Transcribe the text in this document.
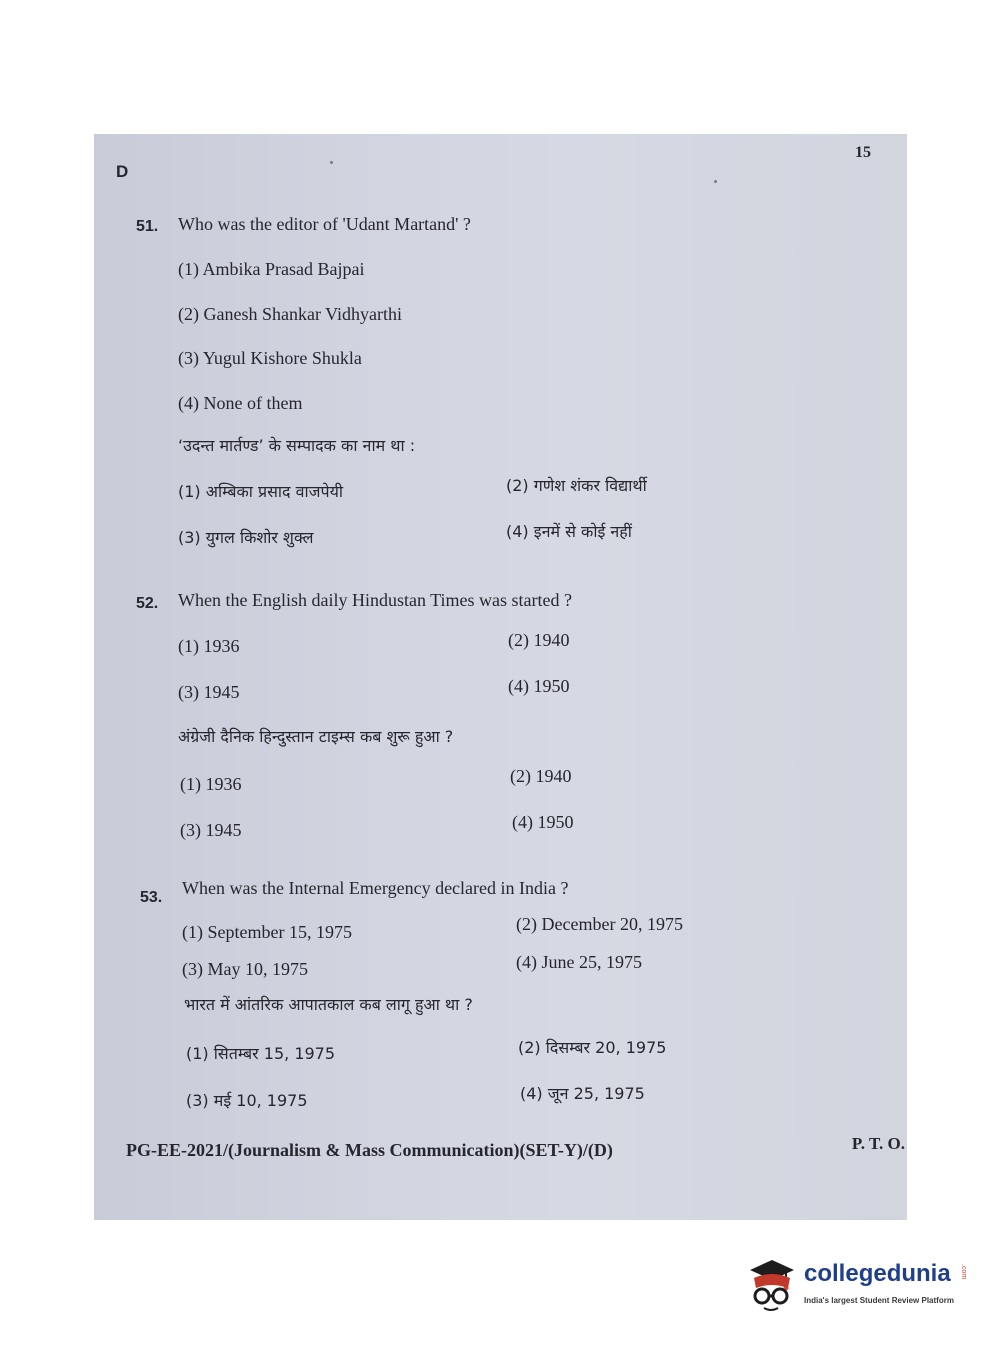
D
15
51. Who was the editor of 'Udant Martand' ?
(1) Ambika Prasad Bajpai
(2) Ganesh Shankar Vidhyarthi
(3) Yugul Kishore Shukla
(4) None of them
‘उदन्त मार्तण्ड’ के सम्पादक का नाम था :
(1) अम्बिका प्रसाद वाजपेयी	(2) गणेश शंकर विद्यार्थी
(3) युगल किशोर शुक्ल	(4) इनमें से कोई नहीं
52. When the English daily Hindustan Times was started ?
(1) 1936	(2) 1940
(3) 1945	(4) 1950
अंग्रेजी दैनिक हिन्दुस्तान टाइम्स कब शुरू हुआ ?
(1) 1936	(2) 1940
(3) 1945	(4) 1950
53. When was the Internal Emergency declared in India ?
(1) September 15, 1975	(2) December 20, 1975
(3) May 10, 1975	(4) June 25, 1975
भारत में आंतरिक आपातकाल कब लागू हुआ था ?
(1) सितम्बर 15, 1975	(2) दिसम्बर 20, 1975
(3) मई 10, 1975	(4) जून 25, 1975
PG-EE-2021/(Journalism & Mass Communication)(SET-Y)/(D)	P. T. O.
collegedunia .com
India's largest Student Review Platform
